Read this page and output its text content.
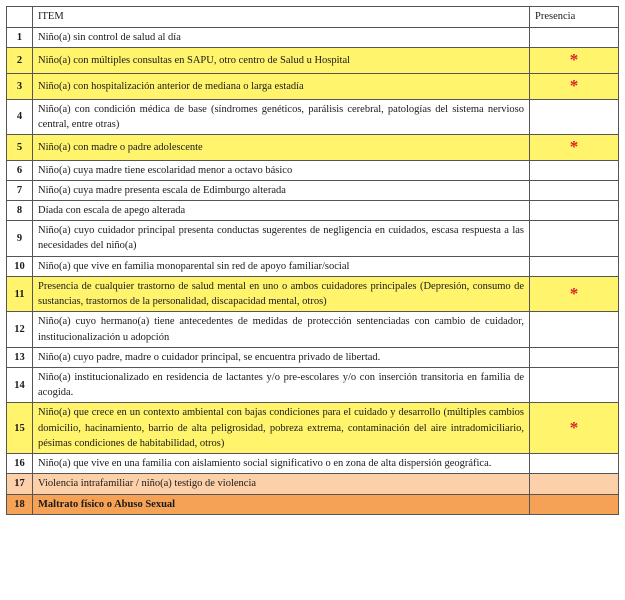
	ITEM	Presencia
1	Niño(a) sin control de salud al día	
2	Niño(a) con múltiples consultas en SAPU, otro centro de Salud u Hospital	*
3	Niño(a) con hospitalización anterior de mediana o larga estadía	*
4	Niño(a) con condición médica de base (síndromes genéticos, parálisis cerebral, patologías del sistema nervioso central, entre otras)	
5	Niño(a) con madre o padre adolescente	*
6	Niño(a) cuya madre tiene escolaridad menor a octavo básico	
7	Niño(a) cuya madre presenta escala de Edimburgo alterada	
8	Díada con escala de apego alterada	
9	Niño(a) cuyo cuidador principal presenta conductas sugerentes de negligencia en cuidados, escasa respuesta a las necesidades del niño(a)	
10	Niño(a) que vive en familia monoparental sin red de apoyo familiar/social	
11	Presencia de cualquier trastorno de salud mental en uno o ambos cuidadores principales (Depresión, consumo de sustancias, trastornos de la personalidad, discapacidad mental, otros)	*
12	Niño(a) cuyo hermano(a) tiene antecedentes de medidas de protección sentenciadas con cambio de cuidador, institucionalización u adopción	
13	Niño(a) cuyo padre, madre o cuidador principal, se encuentra privado de libertad.	
14	Niño(a) institucionalizado en residencia de lactantes y/o pre-escolares y/o con inserción transitoria en familia de acogida.	
15	Niño(a) que crece en un contexto ambiental con bajas condiciones para el cuidado y desarrollo (múltiples cambios domicilio, hacinamiento, barrio de alta peligrosidad, pobreza extrema, contaminación del aire intradomiciliario, pésimas condiciones de habitabilidad, otros)	*
16	Niño(a) que vive en una familia con aislamiento social significativo o en zona de alta dispersión geográfica.	
17	Violencia intrafamiliar / niño(a) testigo de violencia	
18	Maltrato físico o Abuso Sexual	
